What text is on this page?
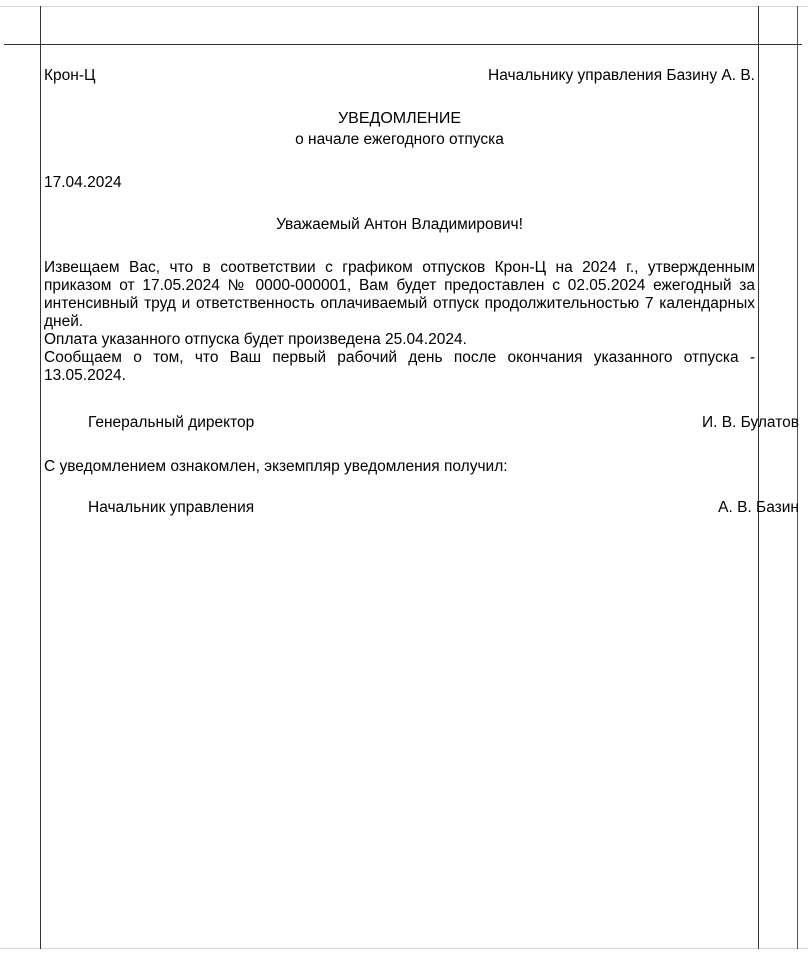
Крон-Ц	Начальнику управления Базину А. В.
УВЕДОМЛЕНИЕ
о начале ежегодного отпуска
17.04.2024
Уважаемый Антон Владимирович!

Извещаем Вас, что в соответствии с графиком отпусков Крон-Ц на 2024 г., утвержденным приказом от 17.05.2024 № 0000-000001, Вам будет предоставлен с 02.05.2024 ежегодный за интенсивный труд и ответственность оплачиваемый отпуск продолжительностью 7 календарных дней.

Оплата указанного отпуска будет произведена 25.04.2024.

Сообщаем о том, что Ваш первый рабочий день после окончания указанного отпуска - 13.05.2024.

Генеральный директор	И. В. Булатов
С уведомлением ознакомлен, экземпляр уведомления получил:
Начальник управления	А. В. Базин
